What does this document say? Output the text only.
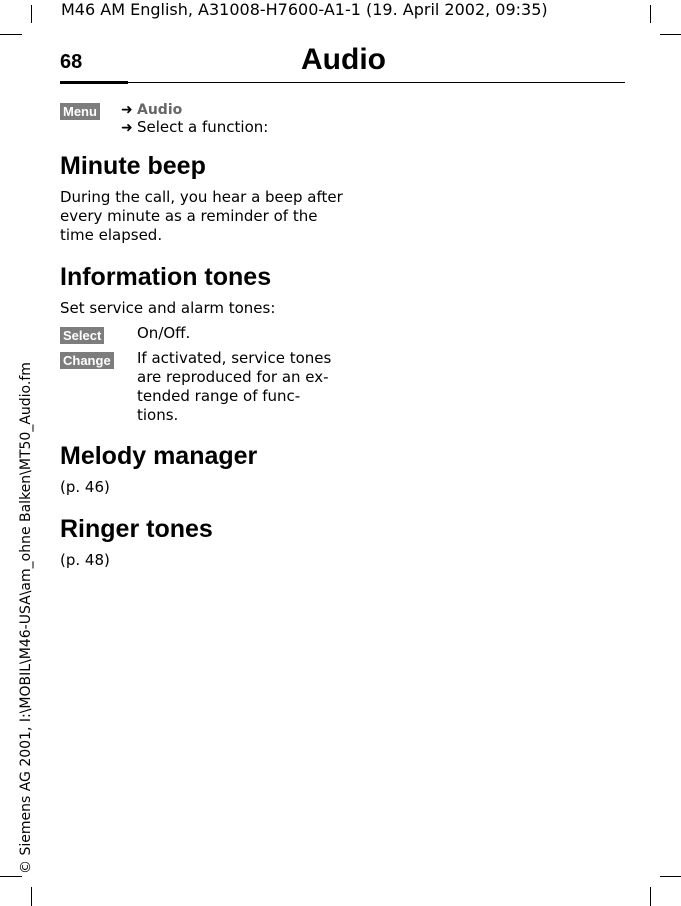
M46 AM English, A31008-H7600-A1-1 (19. April 2002, 09:35)
68	Audio
© Siemens AG 2001, I:\MOBIL\M46-USA\am_ohne Balken\MT50_Audio.fm
Menu ➜ Audio
➜ Select a function:
Minute beep
During the call, you hear a beep after
every minute as a reminder of the
time elapsed.
Information tones
Set service and alarm tones:
Select On/Off.
Change If activated, service tones
are reproduced for an ex-
tended range of func-
tions.
Melody manager
(p. 46)
Ringer tones
(p. 48)
